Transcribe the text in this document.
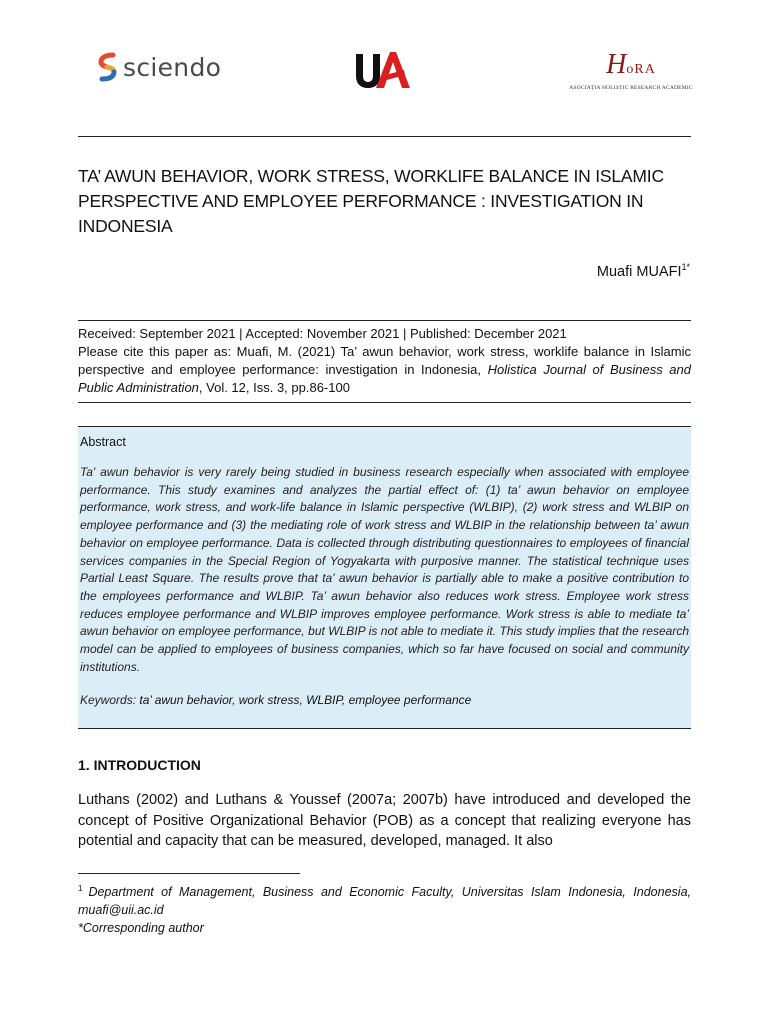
sciendo	HoRA
ASOCIAȚIA HOLISTIC RESEARCH ACADEMIC
TA’ AWUN BEHAVIOR, WORK STRESS, WORKLIFE BALANCE IN ISLAMIC PERSPECTIVE AND EMPLOYEE PERFORMANCE : INVESTIGATION IN INDONESIA
Muafi $MUAFI^{1*}$
Received: September 2021 | Accepted: November 2021 | Published: December 2021
Please cite this paper as: Muafi, M. (2021) Ta’ awun behavior, work stress, worklife balance in Islamic perspective and employee performance: investigation in Indonesia, Holistica Journal of Business and Public Administration, Vol. 12, Iss. 3, pp.86-100
Abstract
Ta' awun behavior is very rarely being studied in business research especially when associated with employee performance. This study examines and analyzes the partial effect of: (1) ta’ awun behavior on employee performance, work stress, and work-life balance in Islamic perspective (WLBIP), (2) work stress and WLBIP on employee performance and (3) the mediating role of work stress and WLBIP in the relationship between ta’ awun behavior on employee performance. Data is collected through distributing questionnaires to employees of financial services companies in the Special Region of Yogyakarta with purposive manner. The statistical technique uses Partial Least Square. The results prove that ta' awun behavior is partially able to make a positive contribution to the employees performance and WLBIP. Ta’ awun behavior also reduces work stress. Employee work stress reduces employee performance and WLBIP improves employee performance. Work stress is able to mediate ta’ awun behavior on employee performance, but WLBIP is not able to mediate it. This study implies that the research model can be applied to employees of business companies, which so far have focused on social and community institutions.
Keywords: ta’ awun behavior, work stress, WLBIP, employee performance
1. INTRODUCTION
Luthans (2002) and Luthans & Youssef (2007a; 2007b) have introduced and developed the concept of Positive Organizational Behavior (POB) as a concept that realizing everyone has potential and capacity that can be measured, developed, managed. It also
$^1$ Department of Management, Business and Economic Faculty, Universitas Islam Indonesia, Indonesia, muafi@uii.ac.id
*Corresponding author
